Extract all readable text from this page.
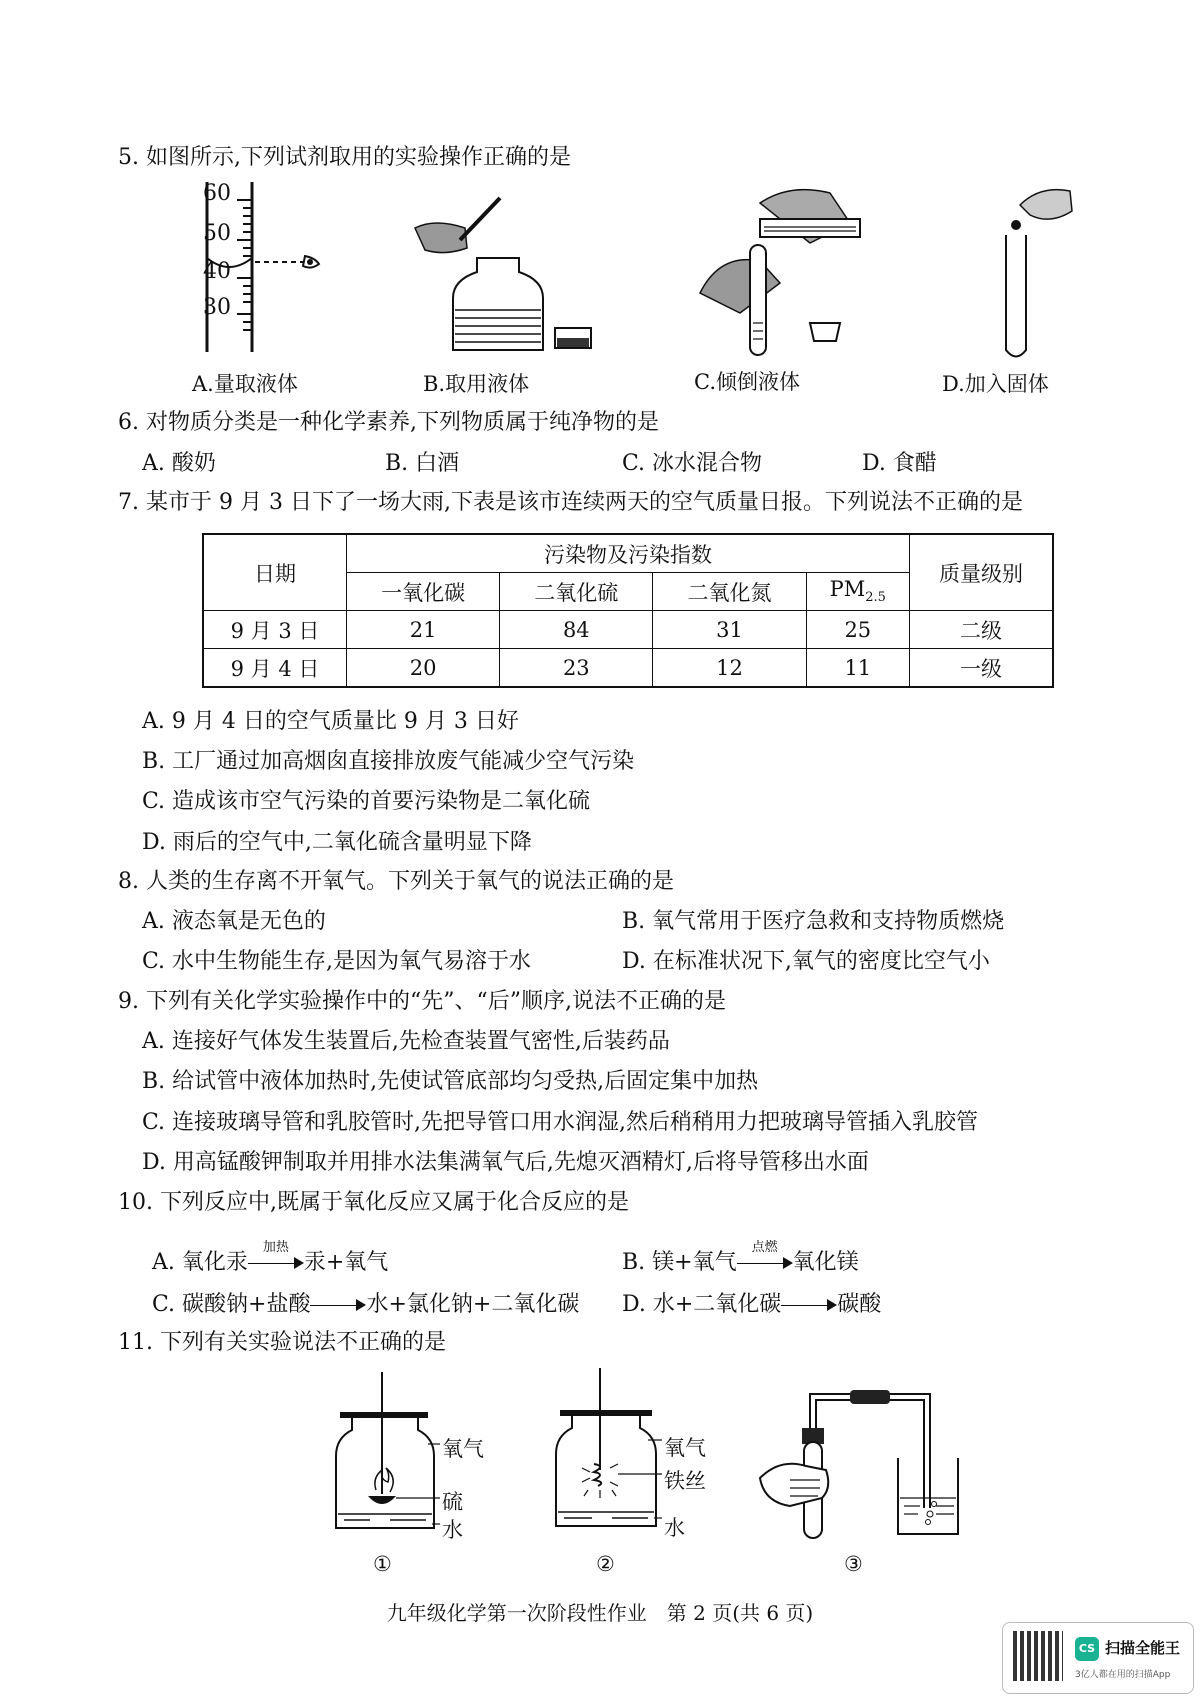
5. 如图所示,下列试剂取用的实验操作正确的是
60
50
40
30
A.量取液体	B.取用液体	C.倾倒液体	D.加入固体
6. 对物质分类是一种化学素养,下列物质属于纯净物的是
A. 酸奶	B. 白酒	C. 冰水混合物	D. 食醋
7. 某市于 9 月 3 日下了一场大雨,下表是该市连续两天的空气质量日报。下列说法不正确的是
日期	污染物及污染指数				质量级别
	一氧化碳	二氧化硫	二氧化氮	$PM_{2.5}$
9 月 3 日	21	84	31	25	二级
9 月 4 日	20	23	12	11	一级
A. 9 月 4 日的空气质量比 9 月 3 日好
B. 工厂通过加高烟囱直接排放废气能减少空气污染
C. 造成该市空气污染的首要污染物是二氧化硫
D. 雨后的空气中,二氧化硫含量明显下降
8. 人类的生存离不开氧气。下列关于氧气的说法正确的是
A. 液态氧是无色的	B. 氧气常用于医疗急救和支持物质燃烧
C. 水中生物能生存,是因为氧气易溶于水	D. 在标准状况下,氧气的密度比空气小
9. 下列有关化学实验操作中的“先”、“后”顺序,说法不正确的是
A. 连接好气体发生装置后,先检查装置气密性,后装药品
B. 给试管中液体加热时,先使试管底部均匀受热,后固定集中加热
C. 连接玻璃导管和乳胶管时,先把导管口用水润湿,然后稍稍用力把玻璃导管插入乳胶管
D. 用高锰酸钾制取并用排水法集满氧气后,先熄灭酒精灯,后将导管移出水面
10. 下列反应中,既属于氧化反应又属于化合反应的是
A. 氧化汞
加热
汞+氧气	B. 镁+氧气
点燃
氧化镁
C. 碳酸钠+盐酸	水+氯化钠+二氧化碳 D. 水+二氧化碳	碳酸
11. 下列有关实验说法不正确的是
氧气
硫
水
①
氧气
铁丝
水
②	③
九年级化学第一次阶段性作业　第 2 页(共 6 页)
CS 扫描全能王
3亿人都在用的扫描App
